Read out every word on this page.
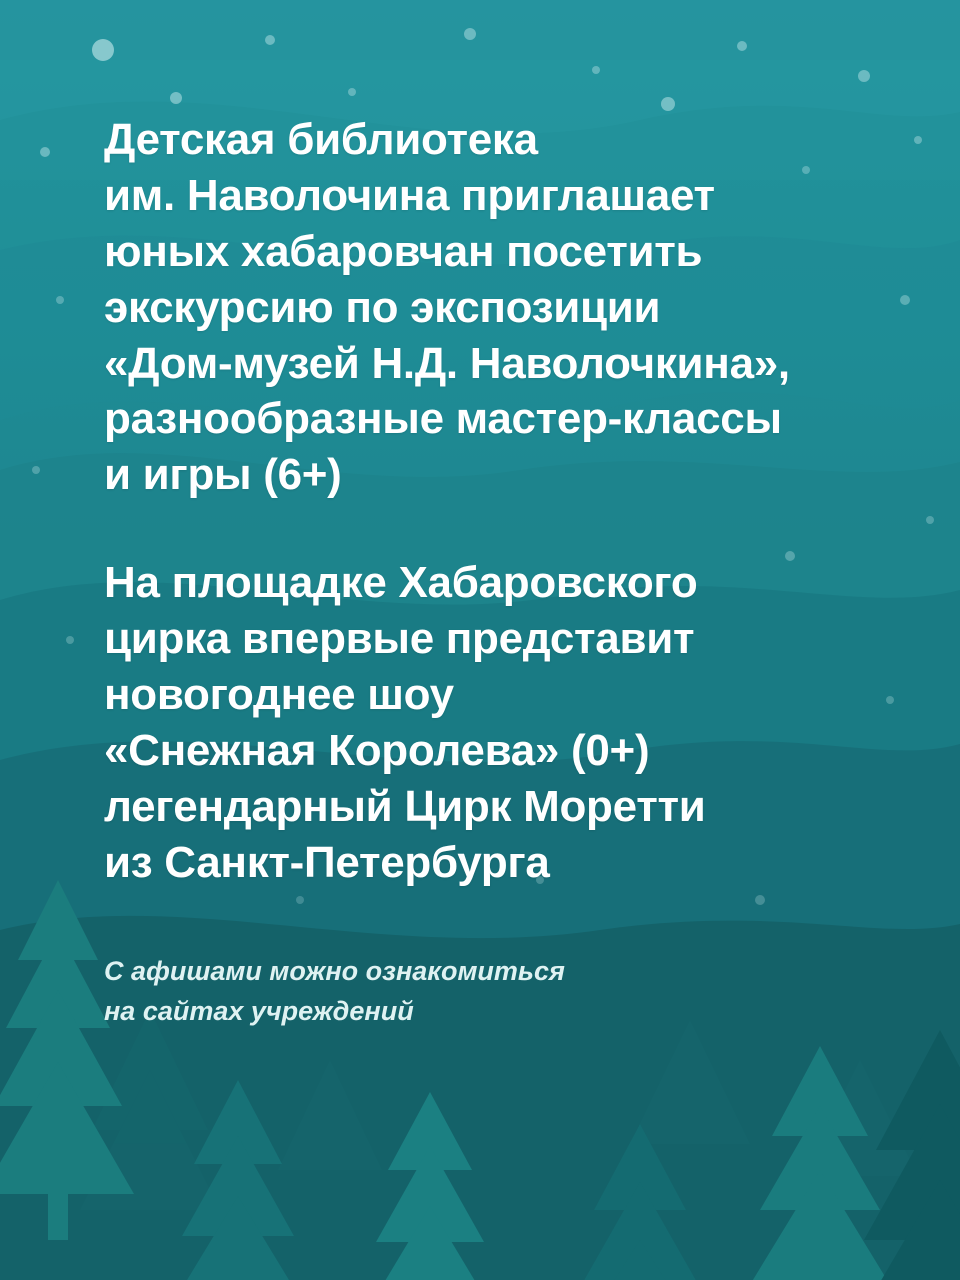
Детская библиотека
им. Наволочина приглашает
юных хабаровчан посетить
экскурсию по экспозиции
«Дом-музей Н.Д. Наволочкина»,
разнообразные мастер-классы
и игры (6+)
На площадке Хабаровского
цирка впервые представит
новогоднее шоу
«Снежная Королева» (0+)
легендарный Цирк Моретти
из Санкт-Петербурга
С афишами можно ознакомиться
на сайтах учреждений
